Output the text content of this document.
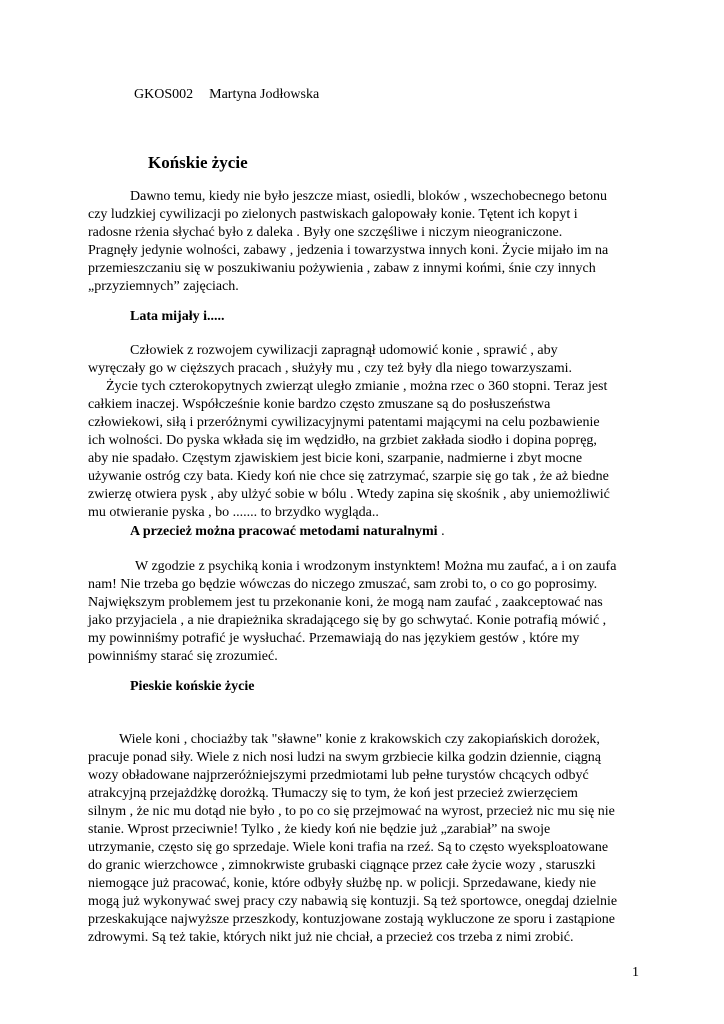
GKOS002 Martyna Jodłowska
Końskie życie
Dawno temu, kiedy nie było jeszcze miast, osiedli, bloków , wszechobecnego betonu
czy ludzkiej cywilizacji po zielonych pastwiskach galopowały konie. Tętent ich kopyt i
radosne rżenia słychać było z daleka . Były one szczęśliwe i niczym nieograniczone.
Pragnęły jedynie wolności, zabawy , jedzenia i towarzystwa innych koni. Życie mijało im na
przemieszczaniu się w poszukiwaniu pożywienia , zabaw z innymi końmi, śnie czy innych
„przyziemnych” zajęciach.
Lata mijały i.....
Człowiek z rozwojem cywilizacji zapragnął udomowić konie , sprawić , aby
wyręczały go w cięższych pracach , służyły mu , czy też były dla niego towarzyszami.
Życie tych czterokopytnych zwierząt uległo zmianie , można rzec o 360 stopni. Teraz jest
całkiem inaczej. Współcześnie konie bardzo często zmuszane są do posłuszeństwa
człowiekowi, siłą i przeróżnymi cywilizacyjnymi patentami mającymi na celu pozbawienie
ich wolności. Do pyska wkłada się im wędzidło, na grzbiet zakłada siodło i dopina popręg,
aby nie spadało. Częstym zjawiskiem jest bicie koni, szarpanie, nadmierne i zbyt mocne
używanie ostróg czy bata. Kiedy koń nie chce się zatrzymać, szarpie się go tak , że aż biedne
zwierzę otwiera pysk , aby ulżyć sobie w bólu . Wtedy zapina się skośnik , aby uniemożliwić
mu otwieranie pyska , bo ....... to brzydko wygląda..
A przecież można pracować metodami naturalnymi .
W zgodzie z psychiką konia i wrodzonym instynktem! Można mu zaufać, a i on zaufa
nam! Nie trzeba go będzie wówczas do niczego zmuszać, sam zrobi to, o co go poprosimy.
Największym problemem jest tu przekonanie koni, że mogą nam zaufać , zaakceptować nas
jako przyjaciela , a nie drapieżnika skradającego się by go schwytać. Konie potrafią mówić ,
my powinniśmy potrafić je wysłuchać. Przemawiają do nas językiem gestów , które my
powinniśmy starać się zrozumieć.
Pieskie końskie życie
Wiele koni , chociażby tak "sławne" konie z krakowskich czy zakopiańskich dorożek,
pracuje ponad siły. Wiele z nich nosi ludzi na swym grzbiecie kilka godzin dziennie, ciągną
wozy obładowane najprzeróżniejszymi przedmiotami lub pełne turystów chcących odbyć
atrakcyjną przejażdżkę dorożką. Tłumaczy się to tym, że koń jest przecież zwierzęciem
silnym , że nic mu dotąd nie było , to po co się przejmować na wyrost, przecież nic mu się nie
stanie. Wprost przeciwnie! Tylko , że kiedy koń nie będzie już „zarabiał” na swoje
utrzymanie, często się go sprzedaje. Wiele koni trafia na rzeź. Są to często wyeksploatowane
do granic wierzchowce , zimnokrwiste grubaski ciągnące przez całe życie wozy , staruszki
niemogące już pracować, konie, które odbyły służbę np. w policji. Sprzedawane, kiedy nie
mogą już wykonywać swej pracy czy nabawią się kontuzji. Są też sportowce, onegdaj dzielnie
przeskakujące najwyższe przeszkody, kontuzjowane zostają wykluczone ze sporu i zastąpione
zdrowymi. Są też takie, których nikt już nie chciał, a przecież cos trzeba z nimi zrobić.
1
